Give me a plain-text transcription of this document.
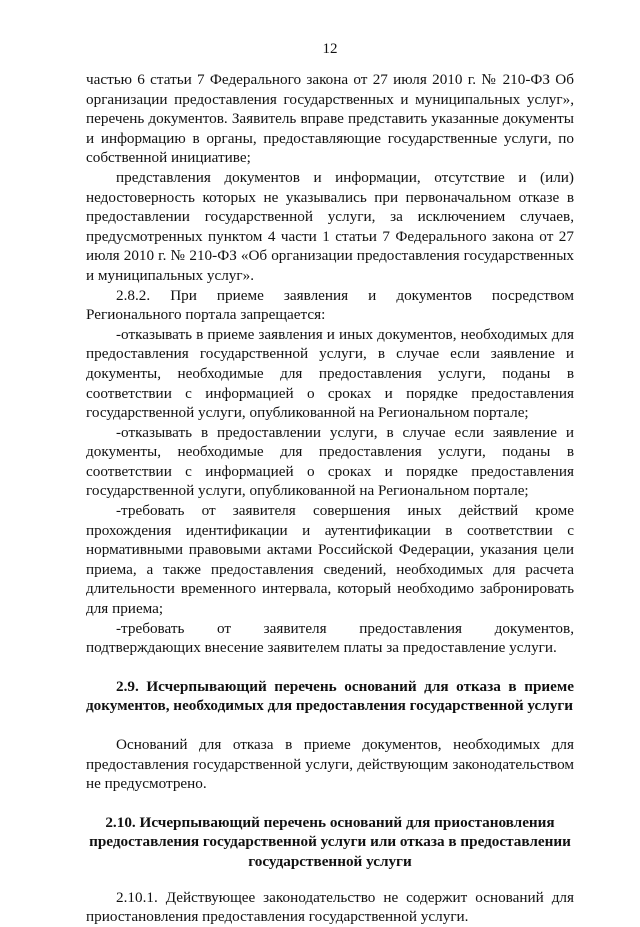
12

частью 6 статьи 7 Федерального закона от 27 июля 2010 г. № 210-ФЗ Об организации предоставления государственных и муниципальных услуг», перечень документов. Заявитель вправе представить указанные документы и информацию в органы, предоставляющие государственные услуги, по собственной инициативе;

представления документов и информации, отсутствие и (или) недостоверность которых не указывались при первоначальном отказе в предоставлении государственной услуги, за исключением случаев, предусмотренных пунктом 4 части 1 статьи 7 Федерального закона от 27 июля 2010 г. № 210-ФЗ «Об организации предоставления государственных и муниципальных услуг».

2.8.2. При приеме заявления и документов посредством Регионального портала запрещается:

-отказывать в приеме заявления и иных документов, необходимых для предоставления государственной услуги, в случае если заявление и документы, необходимые для предоставления услуги, поданы в соответствии с информацией о сроках и порядке предоставления государственной услуги, опубликованной на Региональном портале;

-отказывать в предоставлении услуги, в случае если заявление и документы, необходимые для предоставления услуги, поданы в соответствии с информацией о сроках и порядке предоставления государственной услуги, опубликованной на Региональном портале;

-требовать от заявителя совершения иных действий кроме прохождения идентификации и аутентификации в соответствии с нормативными правовыми актами Российской Федерации, указания цели приема, а также предоставления сведений, необходимых для расчета длительности временного интервала, который необходимо забронировать для приема;

-требовать от заявителя предоставления документов, подтверждающих внесение заявителем платы за предоставление услуги.

2.9. Исчерпывающий перечень оснований для отказа в приеме документов, необходимых для предоставления государственной услуги

Оснований для отказа в приеме документов, необходимых для предоставления государственной услуги, действующим законодательством не предусмотрено.

2.10. Исчерпывающий перечень оснований для приостановления предоставления государственной услуги или отказа в предоставлении государственной услуги

2.10.1. Действующее законодательство не содержит оснований для приостановления предоставления государственной услуги.
